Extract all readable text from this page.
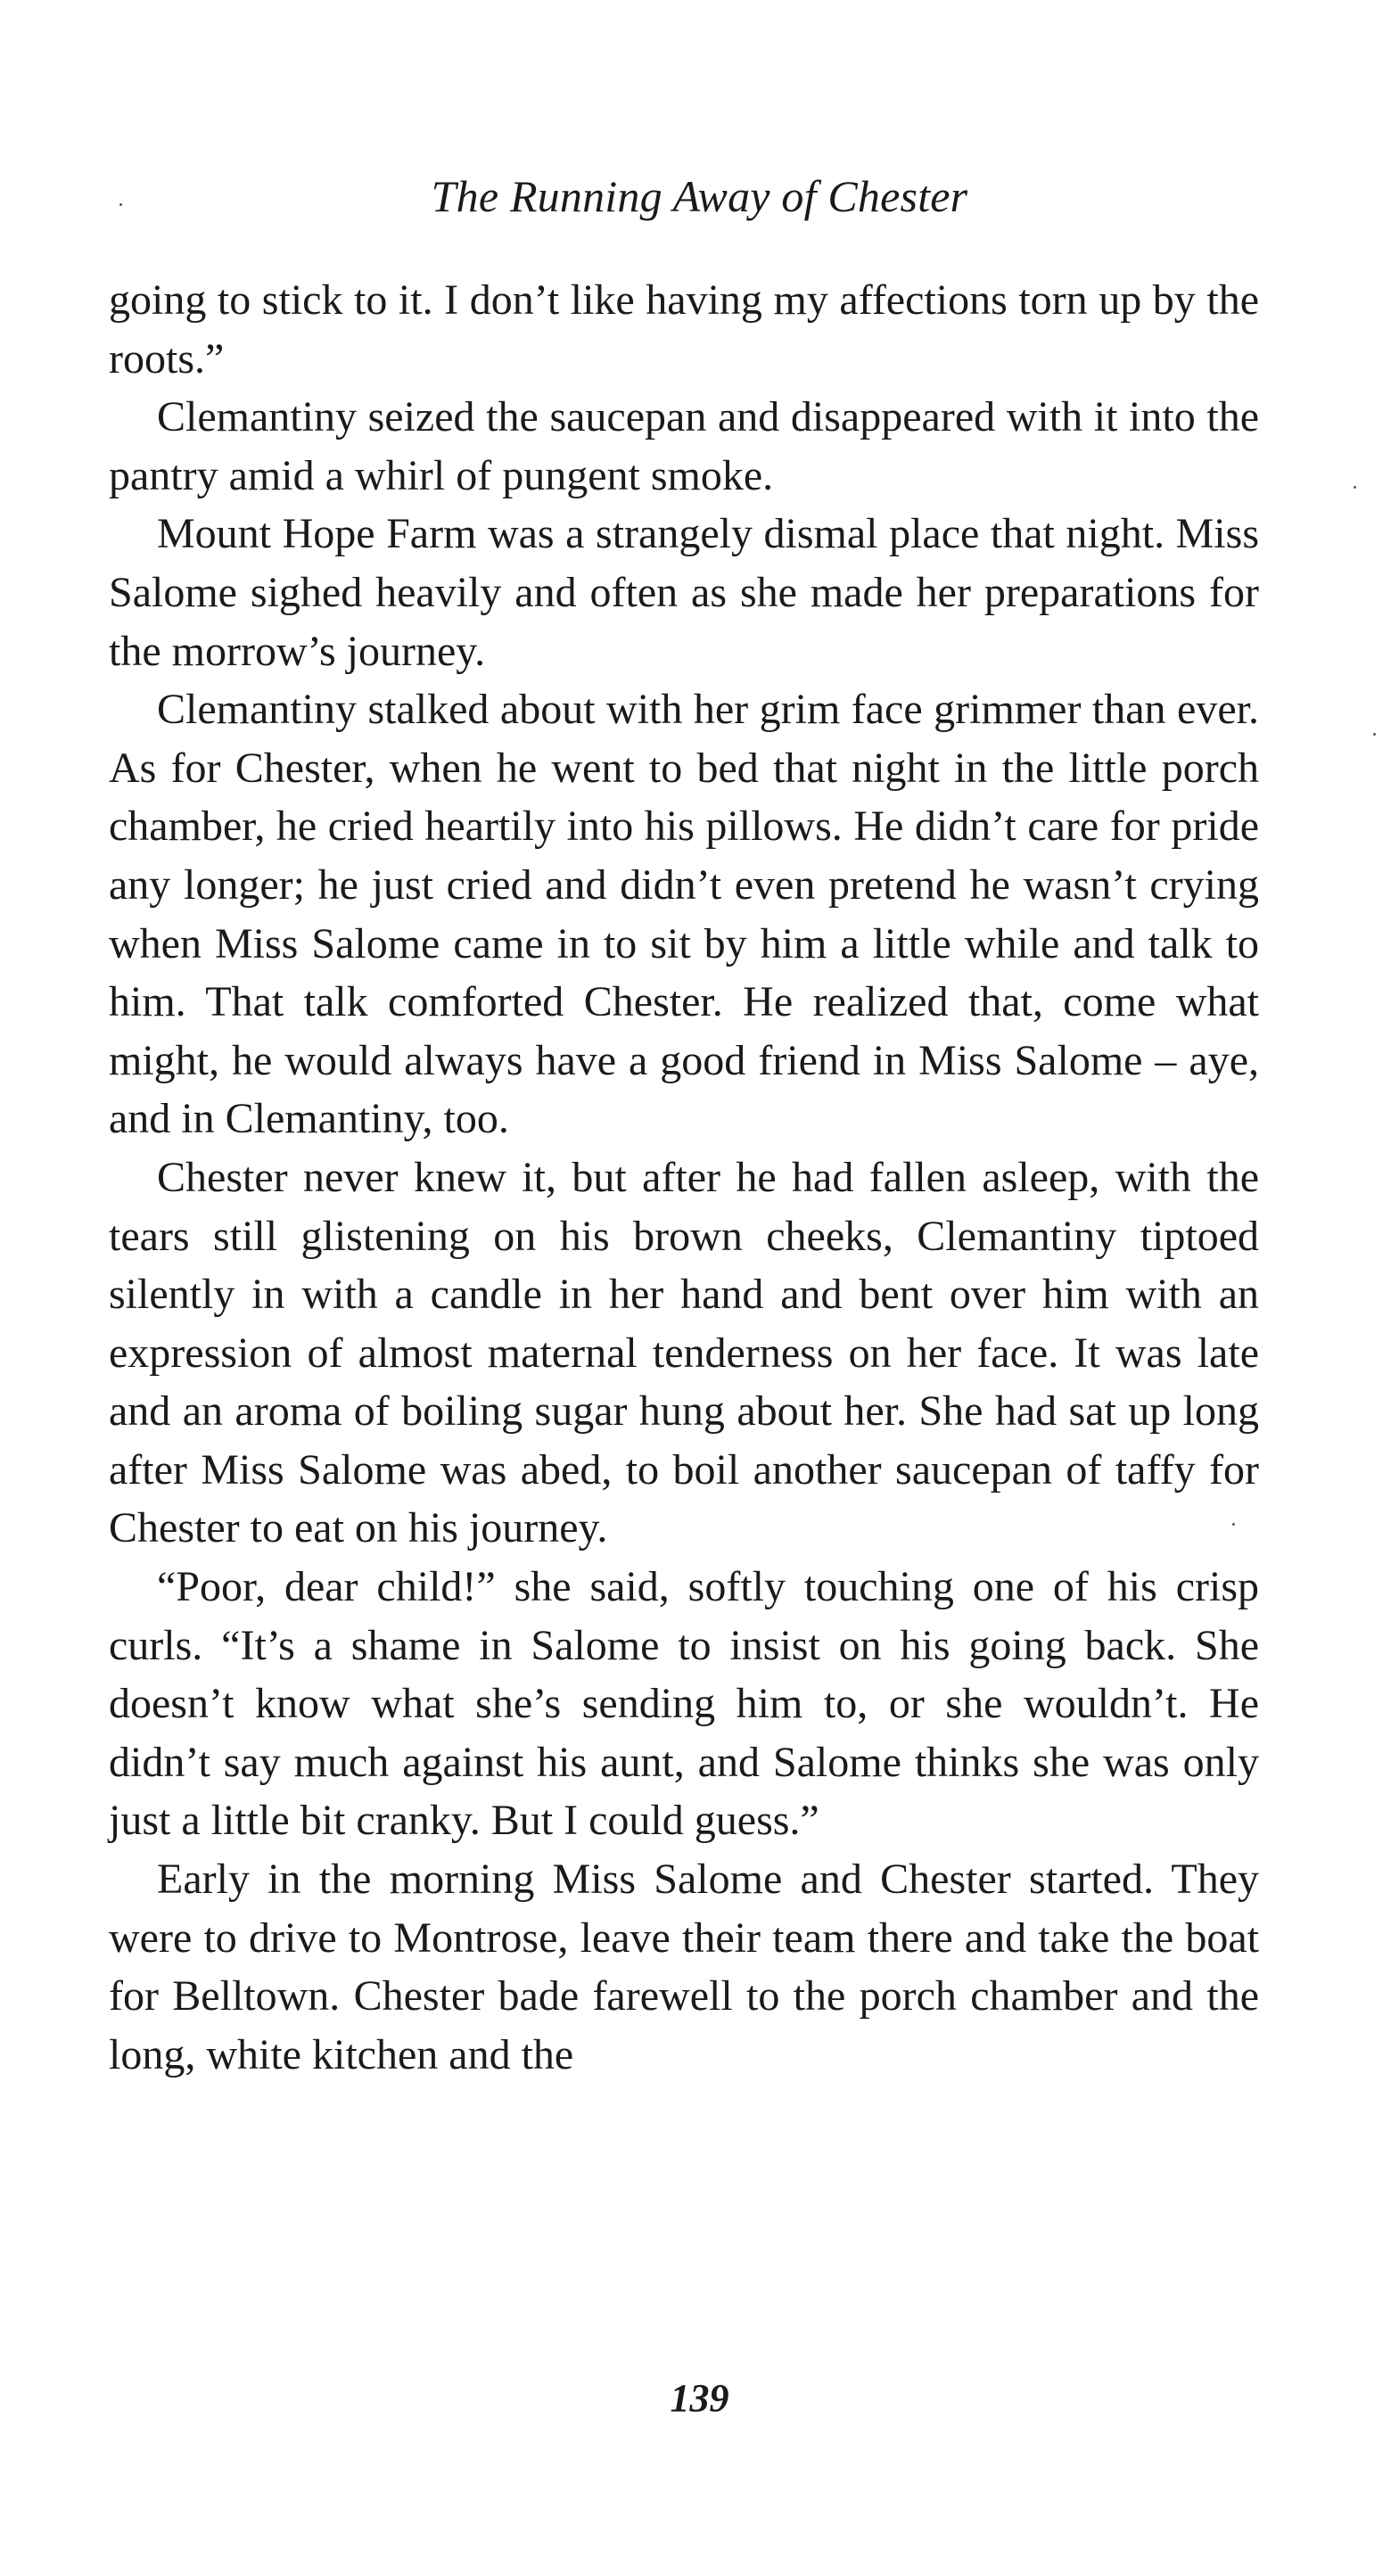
The Running Away of Chester

going to stick to it. I don’t like having my affections torn up by the roots.”

Clemantiny seized the saucepan and disappeared with it into the pantry amid a whirl of pungent smoke.

Mount Hope Farm was a strangely dismal place that night. Miss Salome sighed heavily and often as she made her preparations for the morrow’s journey.

Clemantiny stalked about with her grim face grimmer than ever. As for Chester, when he went to bed that night in the little porch chamber, he cried heartily into his pillows. He didn’t care for pride any longer; he just cried and didn’t even pretend he wasn’t crying when Miss Salome came in to sit by him a little while and talk to him. That talk comforted Chester. He realized that, come what might, he would always have a good friend in Miss Salome – aye, and in Clemantiny, too.

Chester never knew it, but after he had fallen asleep, with the tears still glistening on his brown cheeks, Clemantiny tiptoed silently in with a candle in her hand and bent over him with an expression of almost maternal tenderness on her face. It was late and an aroma of boiling sugar hung about her. She had sat up long after Miss Salome was abed, to boil another saucepan of taffy for Chester to eat on his journey.

“Poor, dear child!” she said, softly touching one of his crisp curls. “It’s a shame in Salome to insist on his going back. She doesn’t know what she’s sending him to, or she wouldn’t. He didn’t say much against his aunt, and Salome thinks she was only just a little bit cranky. But I could guess.”

Early in the morning Miss Salome and Chester started. They were to drive to Montrose, leave their team there and take the boat for Belltown. Chester bade farewell to the porch chamber and the long, white kitchen and the

139
